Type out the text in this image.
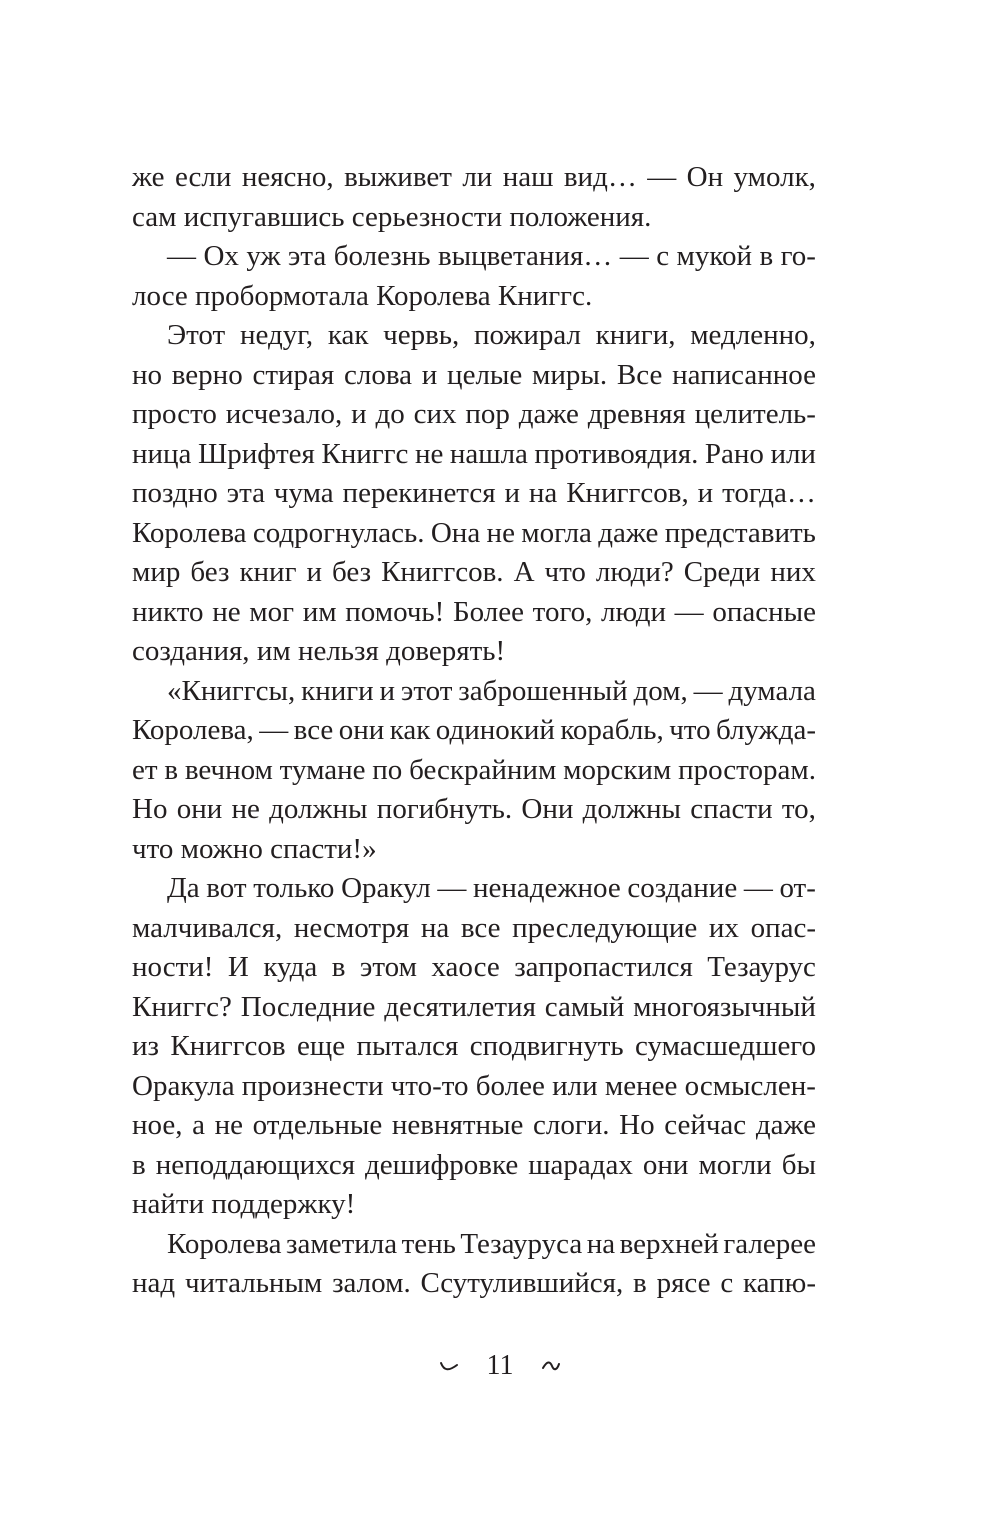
же если неясно, выживет ли наш вид… — Он умолк,
сам испугавшись серьезности положения.
— Ох уж эта болезнь выцветания… — с мукой в го-
лосе пробормотала Королева Книггс.
Этот недуг, как червь, пожирал книги, медленно,
но верно стирая слова и целые миры. Все написанное
просто исчезало, и до сих пор даже древняя целитель-
ница Шрифтея Книггс не нашла противоядия. Рано или
поздно эта чума перекинется и на Книггсов, и тогда…
Королева содрогнулась. Она не могла даже представить
мир без книг и без Книггсов. А что люди? Среди них
никто не мог им помочь! Более того, люди — опасные
создания, им нельзя доверять!
«Книггсы, книги и этот заброшенный дом, — думала
Королева, — все они как одинокий корабль, что блужда-
ет в вечном тумане по бескрайним морским просторам.
Но они не должны погибнуть. Они должны спасти то,
что можно спасти!»
Да вот только Оракул — ненадежное создание — от-
малчивался, несмотря на все преследующие их опас-
ности! И куда в этом хаосе запропастился Тезаурус
Книггс? Последние десятилетия самый многоязычный
из Книггсов еще пытался сподвигнуть сумасшедшего
Оракула произнести что-то более или менее осмыслен-
ное, а не отдельные невнятные слоги. Но сейчас даже
в неподдающихся дешифровке шарадах они могли бы
найти поддержку!
Королева заметила тень Тезауруса на верхней галерее
над читальным залом. Ссутулившийся, в рясе с капю-
11
